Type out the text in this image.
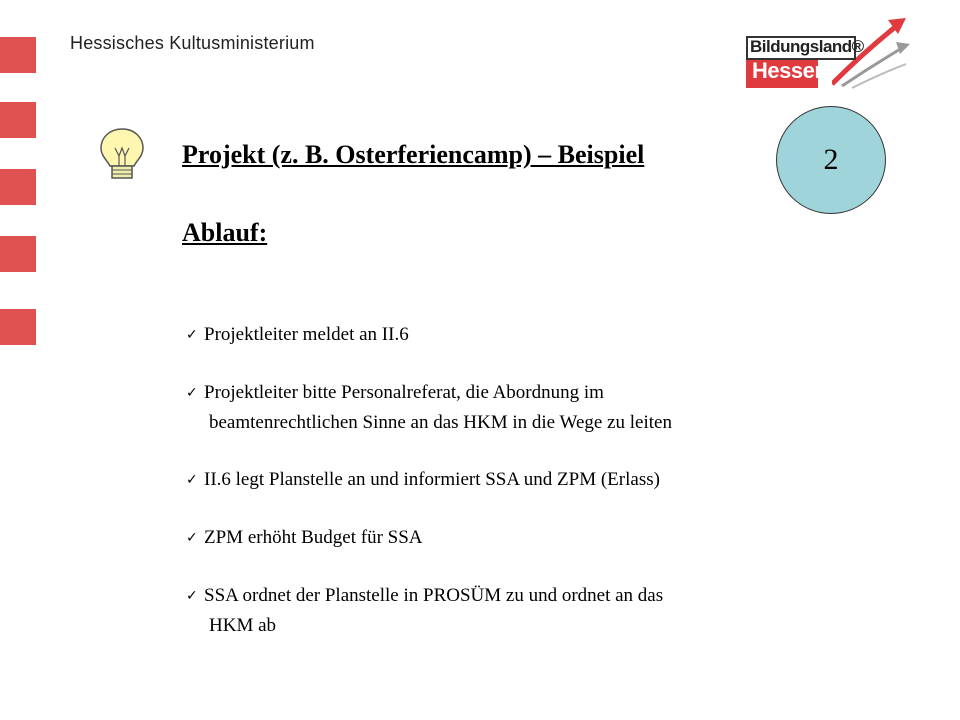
Hessisches Kultusministerium	Bildungsland®
Hessen
2
Projekt (z. B. Osterferiencamp) – Beispiel
Ablauf:
✓ Projektleiter meldet an II.6
✓ Projektleiter bitte Personalreferat, die Abordnung im
beamtenrechtlichen Sinne an das HKM in die Wege zu leiten
✓ II.6 legt Planstelle an und informiert SSA und ZPM (Erlass)
✓ ZPM erhöht Budget für SSA
✓ SSA ordnet der Planstelle in PROSÜM zu und ordnet an das
HKM ab
